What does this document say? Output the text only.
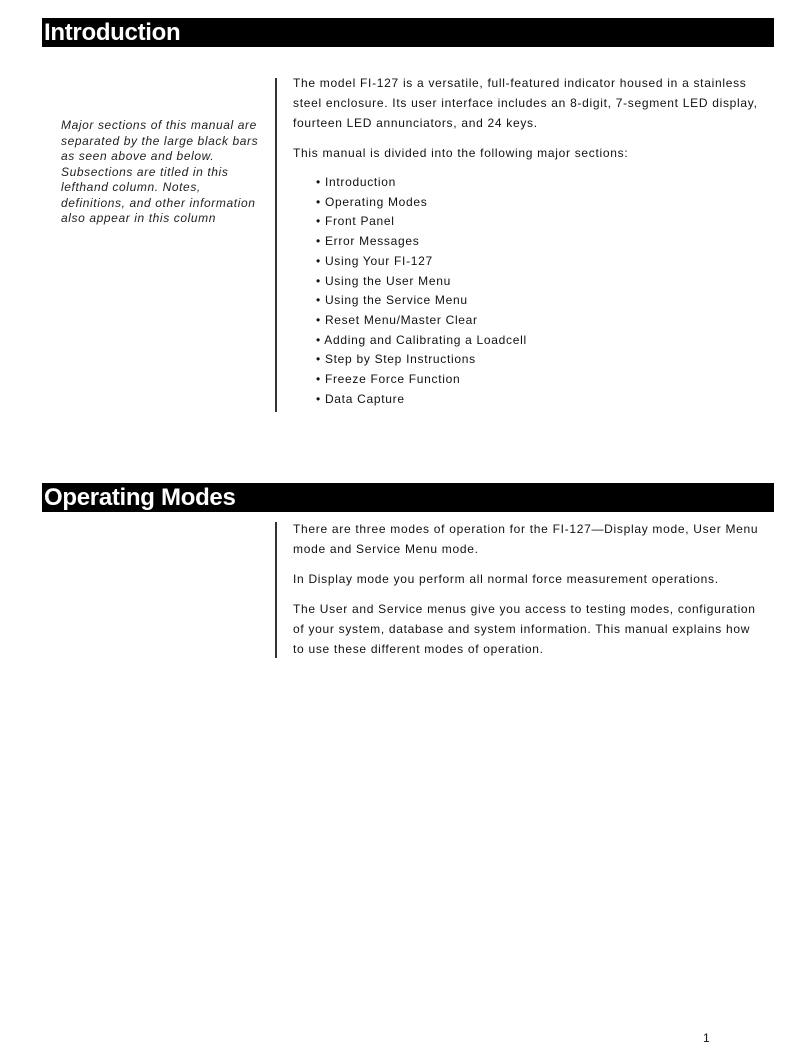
Introduction
Major sections of this manual are separated by the large black bars as seen above and below. Subsections are titled in this lefthand column. Notes, definitions, and other information also appear in this column

The model FI-127 is a versatile, full-featured indicator housed in a stainless steel enclosure. Its user interface includes an 8-digit, 7-segment LED display, fourteen LED annunciators, and 24 keys.

This manual is divided into the following major sections:

• Introduction
• Operating Modes
• Front Panel
• Error Messages
• Using Your FI-127
• Using the User Menu
• Using the Service Menu
• Reset Menu/Master Clear
• Adding and Calibrating a Loadcell
• Step by Step Instructions
• Freeze Force Function
• Data Capture
Operating Modes

There are three modes of operation for the FI-127—Display mode, User Menu mode and Service Menu mode.

In Display mode you perform all normal force measurement operations.

The User and Service menus give you access to testing modes, configuration of your system, database and system information. This manual explains how to use these different modes of operation.

1
